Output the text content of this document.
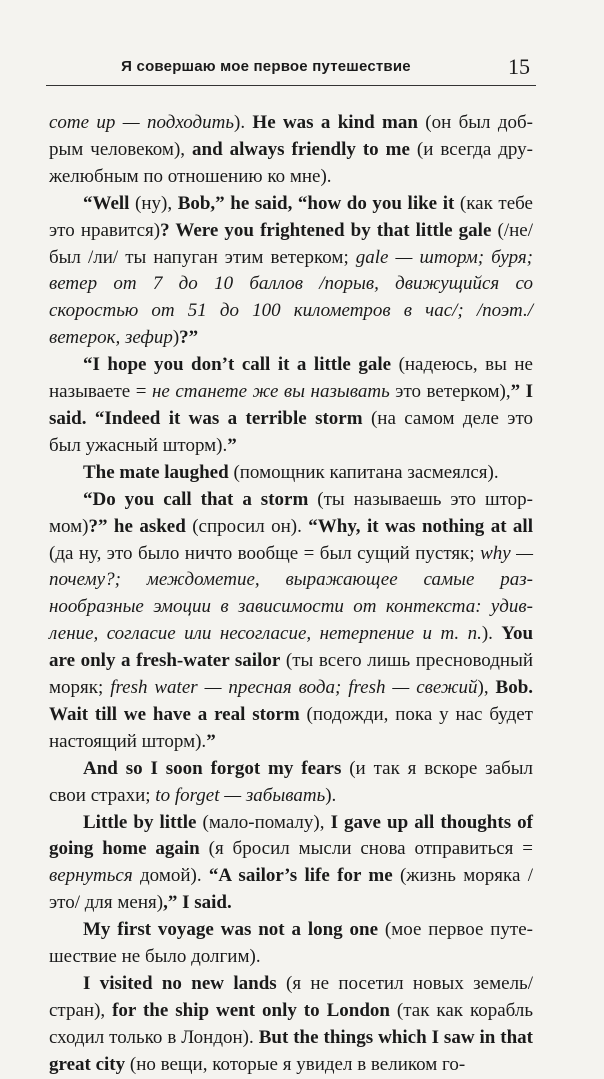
Я совершаю мое первое путешествие	15

come up — подходить). He was a kind man (он был доб-рым человеком), and always friendly to me (и всегда дру-желюбным по отношению ко мне).

“Well (ну), Bob,” he said, “how do you like it (как тебе это нравится)? Were you frightened by that little gale (/не/ был /ли/ ты напуган этим ветерком; gale — шторм; буря; ветер от 7 до 10 баллов /порыв, движущийся со скоростью от 51 до 100 километров в час/; /поэт./ ветерок, зефир)?”

“I hope you don’t call it a little gale (надеюсь, вы не называете = не станете же вы называть это ветерком),” I said. “Indeed it was a terrible storm (на самом деле это был ужасный шторм).”

The mate laughed (помощник капитана засмеялся).

“Do you call that a storm (ты называешь это штор-мом)?” he asked (спросил он). “Why, it was nothing at all (да ну, это было ничто вообще = был сущий пустяк; why — почему?; междометие, выражающее самые раз-нообразные эмоции в зависимости от контекста: удив-ление, согласие или несогласие, нетерпение и т. п.). You are only a fresh-water sailor (ты всего лишь пресноводный моряк; fresh water — пресная вода; fresh — свежий), Bob. Wait till we have a real storm (подожди, пока у нас будет настоящий шторм).”

And so I soon forgot my fears (и так я вскоре забыл свои страхи; to forget — забывать).

Little by little (мало-помалу), I gave up all thoughts of going home again (я бросил мысли снова отправиться = вернуться домой). “A sailor’s life for me (жизнь моряка /это/ для меня),” I said.

My first voyage was not a long one (мое первое путе-шествие не было долгим).

I visited no new lands (я не посетил новых земель/ стран), for the ship went only to London (так как корабль сходил только в Лондон). But the things which I saw in that great city (но вещи, которые я увидел в великом го-
